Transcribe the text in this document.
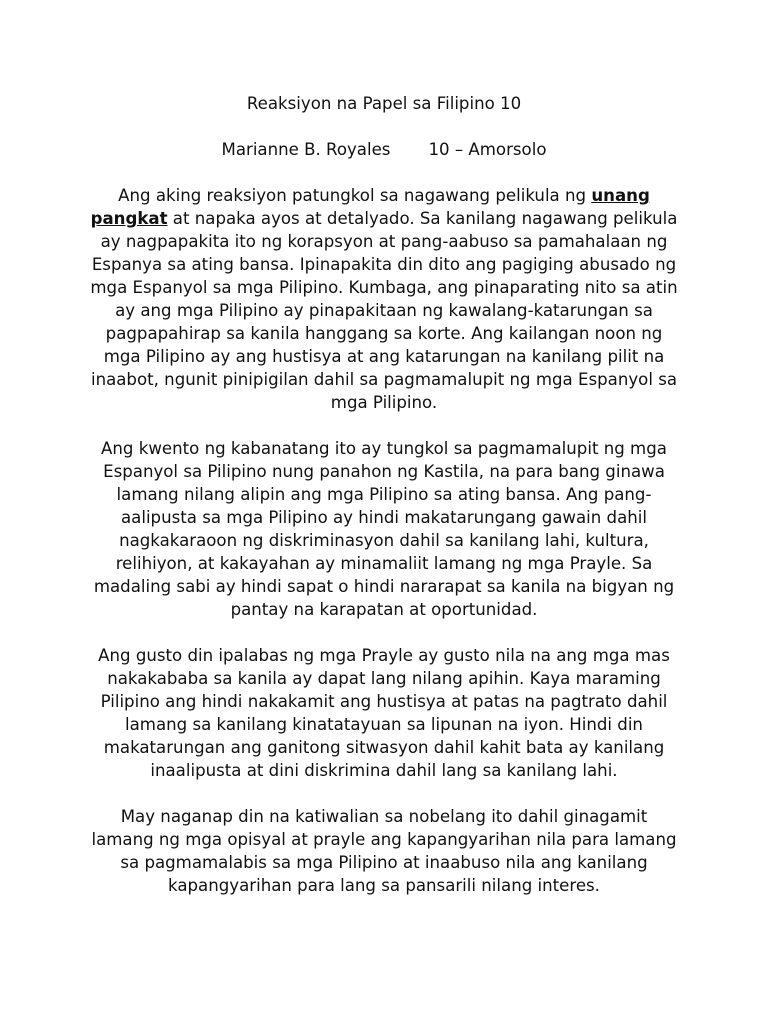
Reaksiyon na Papel sa Filipino 10
Marianne B. Royales 10 – Amorsolo
Ang aking reaksiyon patungkol sa nagawang pelikula ng unang pangkat at napaka ayos at detalyado. Sa kanilang nagawang pelikula ay nagpapakita ito ng korapsyon at pang-aabuso sa pamahalaan ng Espanya sa ating bansa. Ipinapakita din dito ang pagiging abusado ng mga Espanyol sa mga Pilipino. Kumbaga, ang pinaparating nito sa atin ay ang mga Pilipino ay pinapakitaan ng kawalang-katarungan sa pagpapahirap sa kanila hanggang sa korte. Ang kailangan noon ng mga Pilipino ay ang hustisya at ang katarungan na kanilang pilit na inaabot, ngunit pinipigilan dahil sa pagmamalupit ng mga Espanyol sa mga Pilipino.
Ang kwento ng kabanatang ito ay tungkol sa pagmamalupit ng mga Espanyol sa Pilipino nung panahon ng Kastila, na para bang ginawa lamang nilang alipin ang mga Pilipino sa ating bansa. Ang pang-aalipusta sa mga Pilipino ay hindi makatarungang gawain dahil nagkakaraoon ng diskriminasyon dahil sa kanilang lahi, kultura, relihiyon, at kakayahan ay minamaliit lamang ng mga Prayle. Sa madaling sabi ay hindi sapat o hindi nararapat sa kanila na bigyan ng pantay na karapatan at oportunidad.
Ang gusto din ipalabas ng mga Prayle ay gusto nila na ang mga mas nakakababa sa kanila ay dapat lang nilang apihin. Kaya maraming Pilipino ang hindi nakakamit ang hustisya at patas na pagtrato dahil lamang sa kanilang kinatatayuan sa lipunan na iyon. Hindi din makatarungan ang ganitong sitwasyon dahil kahit bata ay kanilang inaalipusta at dini diskrimina dahil lang sa kanilang lahi.
May naganap din na katiwalian sa nobelang ito dahil ginagamit lamang ng mga opisyal at prayle ang kapangyarihan nila para lamang sa pagmamalabis sa mga Pilipino at inaabuso nila ang kanilang kapangyarihan para lang sa pansarili nilang interes.
